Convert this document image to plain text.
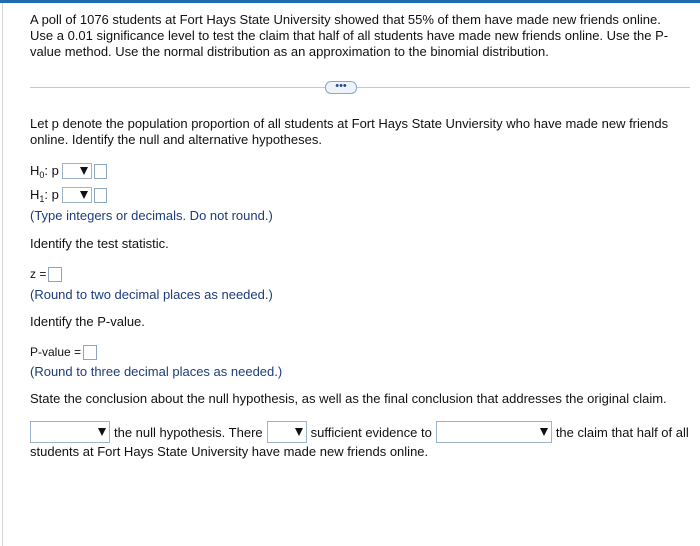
A poll of 1076 students at Fort Hays State University showed that 55% of them have made new friends online. Use a 0.01 significance level to test the claim that half of all students have made new friends online. Use the P-value method. Use the normal distribution as an approximation to the binomial distribution.
•••
Let p denote the population proportion of all students at Fort Hays State Unviersity who have made new friends online. Identify the null and alternative hypotheses.
$H_0$: p
$H_1$: p
(Type integers or decimals. Do not round.)
Identify the test statistic.
z =
(Round to two decimal places as needed.)
Identify the P-value.
P-value =
(Round to three decimal places as needed.)
State the conclusion about the null hypothesis, as well as the final conclusion that addresses the original claim.
the null hypothesis. There	sufficient evidence to	the claim that half of all
students at Fort Hays State University have made new friends online.
